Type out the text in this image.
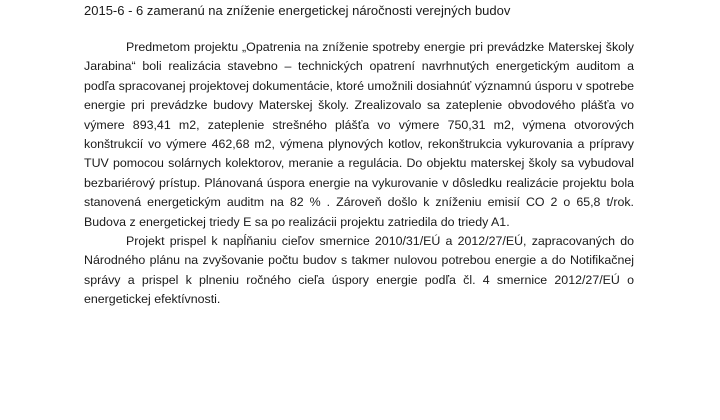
2015-6 - 6 zameranú na zníženie energetickej náročnosti verejných budov

Predmetom projektu „Opatrenia na zníženie spotreby energie pri prevádzke Materskej školy Jarabina“ boli realizácia stavebno – technických opatrení navrhnutých energetickým auditom a podľa spracovanej projektovej dokumentácie, ktoré umožnili dosiahnúť významnú úsporu v spotrebe energie pri prevádzke budovy Materskej školy. Zrealizovalo sa zateplenie obvodového plášťa vo výmere 893,41 m2, zateplenie strešného plášťa vo výmere 750,31 m2, výmena otvorových konštrukcií vo výmere 462,68 m2, výmena plynových kotlov, rekonštrukcia vykurovania a prípravy TUV pomocou solárnych kolektorov, meranie a regulácia. Do objektu materskej školy sa vybudoval bezbariérový prístup. Plánovaná úspora energie na vykurovanie v dôsledku realizácie projektu bola stanovená energetickým auditm na 82 % . Zároveň došlo k zníženiu emisií CO 2 o 65,8 t/rok. Budova z energetickej triedy E sa po realizácii projektu zatriedila do triedy A1.

Projekt prispel k napĺňaniu cieľov smernice 2010/31/EÚ a 2012/27/EÚ, zapracovaných do Národného plánu na zvyšovanie počtu budov s takmer nulovou potrebou energie a do Notifikačnej správy a prispel k plneniu ročného cieľa úspory energie podľa čl. 4 smernice 2012/27/EÚ o energetickej efektívnosti.
